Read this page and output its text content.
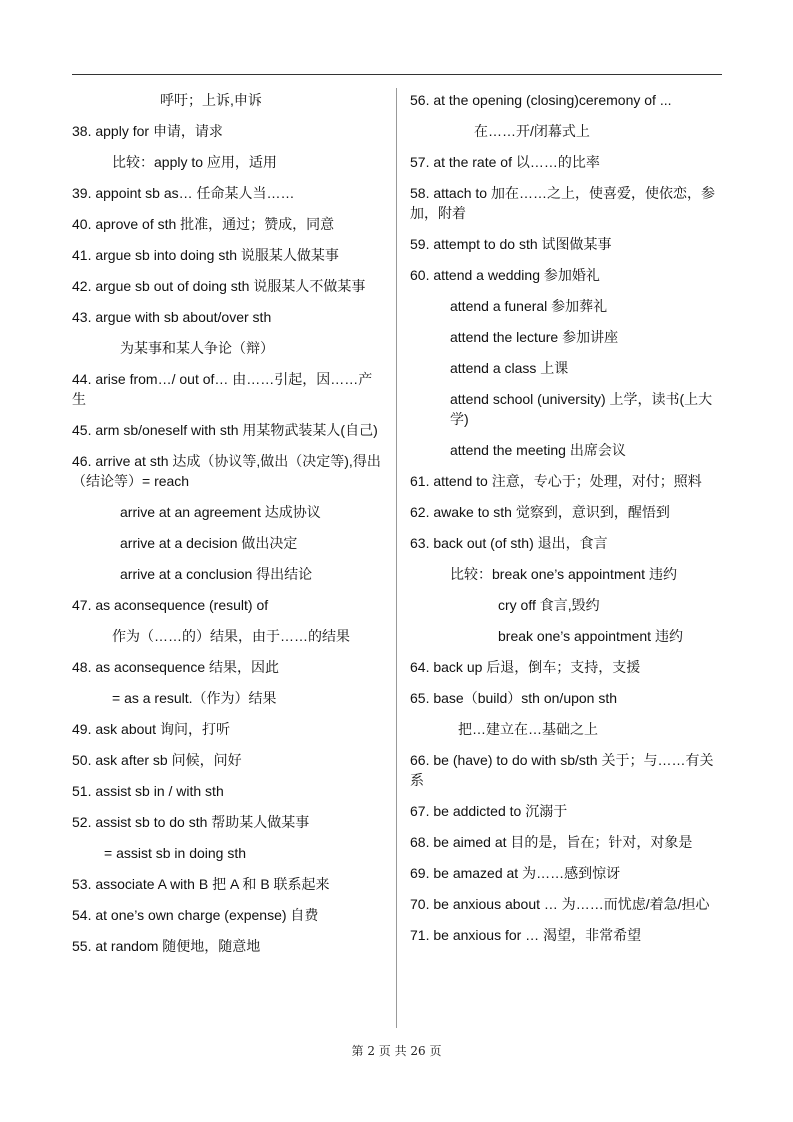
呼吁；上诉,申诉
38. apply for 申请，请求
比较：apply to 应用，适用
39. appoint sb as… 任命某人当……
40. aprove of sth 批准，通过；赞成，同意
41. argue sb into doing sth 说服某人做某事
42. argue sb out of doing sth 说服某人不做某事
43. argue with sb about/over sth
为某事和某人争论（辩）
44. arise from…/ out of… 由……引起，因……产生
45. arm sb/oneself with sth 用某物武装某人(自己)
46. arrive at sth 达成（协议等,做出（决定等),得出（结论等）= reach
arrive at an agreement 达成协议
arrive at a decision 做出决定
arrive at a conclusion 得出结论
47. as aconsequence (result) of
作为（……的）结果，由于……的结果
48. as aconsequence 结果，因此
= as a result.（作为）结果
49. ask about 询问，打听
50. ask after sb 问候，问好
51. assist sb in / with sth
52. assist sb to do sth 帮助某人做某事
= assist sb in doing sth
53. associate A with B 把 A 和 B 联系起来
54. at one’s own charge (expense) 自费
55. at random 随便地，随意地
56. at the opening (closing)ceremony of ...
在……开/闭幕式上
57. at the rate of 以……的比率
58. attach to 加在……之上，使喜爱，使依恋，参加，附着
59. attempt to do sth 试图做某事
60. attend a wedding 参加婚礼
attend a funeral 参加葬礼
attend the lecture 参加讲座
attend a class 上课
attend school (university) 上学，读书(上大学)
attend the meeting 出席会议
61. attend to 注意，专心于；处理，对付；照料
62. awake to sth 觉察到，意识到，醒悟到
63. back out (of sth) 退出，食言
比较：break one’s appointment 违约
cry off 食言,毁约
break one’s appointment 违约
64. back up 后退，倒车；支持，支援
65. base（build）sth on/upon sth
把…建立在…基础之上
66. be (have) to do with sb/sth 关于；与……有关系
67. be addicted to 沉溺于
68. be aimed at 目的是，旨在；针对，对象是
69. be amazed at 为……感到惊讶
70. be anxious about … 为……而忧虑/着急/担心
71. be anxious for … 渴望，非常希望
第 2 页 共 26 页
